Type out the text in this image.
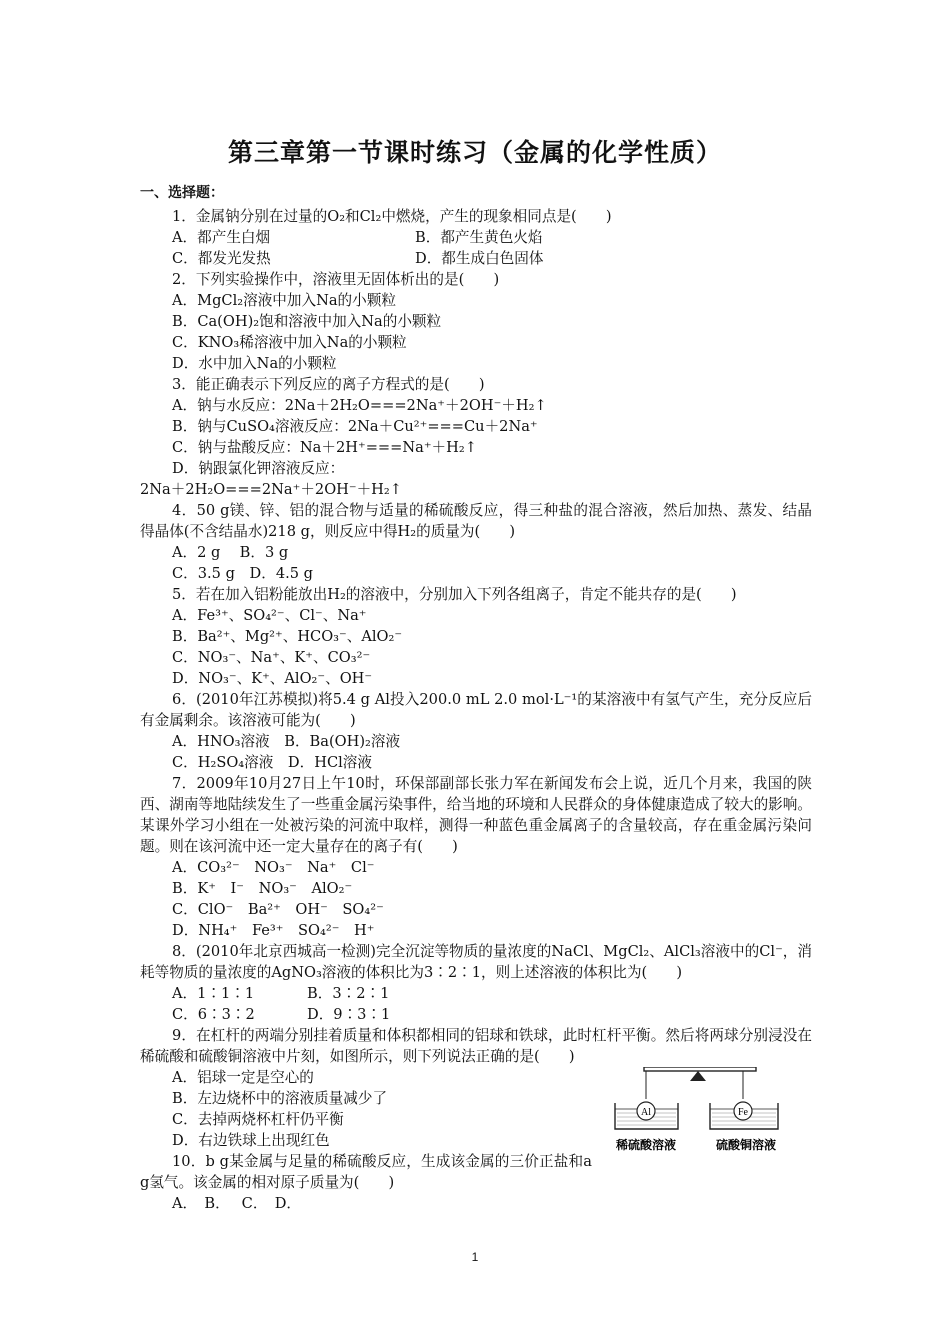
第三章第一节课时练习（金属的化学性质）
一、选择题：
1．金属钠分别在过量的O₂和Cl₂中燃烧，产生的现象相同点是(　　)
A．都产生白烟	B．都产生黄色火焰
C．都发光发热	D．都生成白色固体
2．下列实验操作中，溶液里无固体析出的是(　　)
A．MgCl₂溶液中加入Na的小颗粒
B．Ca(OH)₂饱和溶液中加入Na的小颗粒
C．KNO₃稀溶液中加入Na的小颗粒
D．水中加入Na的小颗粒
3．能正确表示下列反应的离子方程式的是(　　)
A．钠与水反应：2Na＋2H₂O===2Na⁺＋2OH⁻＋H₂↑
B．钠与CuSO₄溶液反应：2Na＋Cu²⁺===Cu＋2Na⁺
C．钠与盐酸反应：Na＋2H⁺===Na⁺＋H₂↑
D．钠跟氯化钾溶液反应：
2Na＋2H₂O===2Na⁺＋2OH⁻＋H₂↑
4．50 g镁、锌、铝的混合物与适量的稀硫酸反应，得三种盐的混合溶液，然后加热、蒸发、结晶得晶体(不含结晶水)218 g，则反应中得H₂的质量为(　　)
A．2 g　 B．3 g
C．3.5 g　D．4.5 g
5．若在加入铝粉能放出H₂的溶液中，分别加入下列各组离子，肯定不能共存的是(　　)
A．Fe³⁺、SO₄²⁻、Cl⁻、Na⁺
B．Ba²⁺、Mg²⁺、HCO₃⁻、AlO₂⁻
C．NO₃⁻、Na⁺、K⁺、CO₃²⁻
D．NO₃⁻、K⁺、AlO₂⁻、OH⁻
6．(2010年江苏模拟)将5.4 g Al投入200.0 mL 2.0 mol·L⁻¹的某溶液中有氢气产生，充分反应后有金属剩余。该溶液可能为(　　)
A．HNO₃溶液　B．Ba(OH)₂溶液
C．H₂SO₄溶液　D．HCl溶液
7．2009年10月27日上午10时，环保部副部长张力军在新闻发布会上说，近几个月来，我国的陕西、湖南等地陆续发生了一些重金属污染事件，给当地的环境和人民群众的身体健康造成了较大的影响。某课外学习小组在一处被污染的河流中取样，测得一种蓝色重金属离子的含量较高，存在重金属污染问题。则在该河流中还一定大量存在的离子有(　　)
A．CO₃²⁻　NO₃⁻　Na⁺　Cl⁻
B．K⁺　I⁻　NO₃⁻　AlO₂⁻
C．ClO⁻　Ba²⁺　OH⁻　SO₄²⁻
D．NH₄⁺　Fe³⁺　SO₄²⁻　H⁺
8．(2010年北京西城高一检测)完全沉淀等物质的量浓度的NaCl、MgCl₂、AlCl₃溶液中的Cl⁻，消耗等物质的量浓度的AgNO₃溶液的体积比为3∶2∶1，则上述溶液的体积比为(　　)
A．1∶1∶1	B．3∶2∶1
C．6∶3∶2	D．9∶3∶1
9．在杠杆的两端分别挂着质量和体积都相同的铝球和铁球，此时杠杆平衡。然后将两球分别浸没在稀硫酸和硫酸铜溶液中片刻，如图所示，则下列说法正确的是(　　)
A．铝球一定是空心的
B．左边烧杯中的溶液质量减少了
C．去掉两烧杯杠杆仍平衡
D．右边铁球上出现红色
10．b g某金属与足量的稀硫酸反应，生成该金属的三价正盐和a g氢气。该金属的相对原子质量为(　　)
A．　B．　 C．　D．
Al	Fe
稀硫酸溶液	硫酸铜溶液
1
